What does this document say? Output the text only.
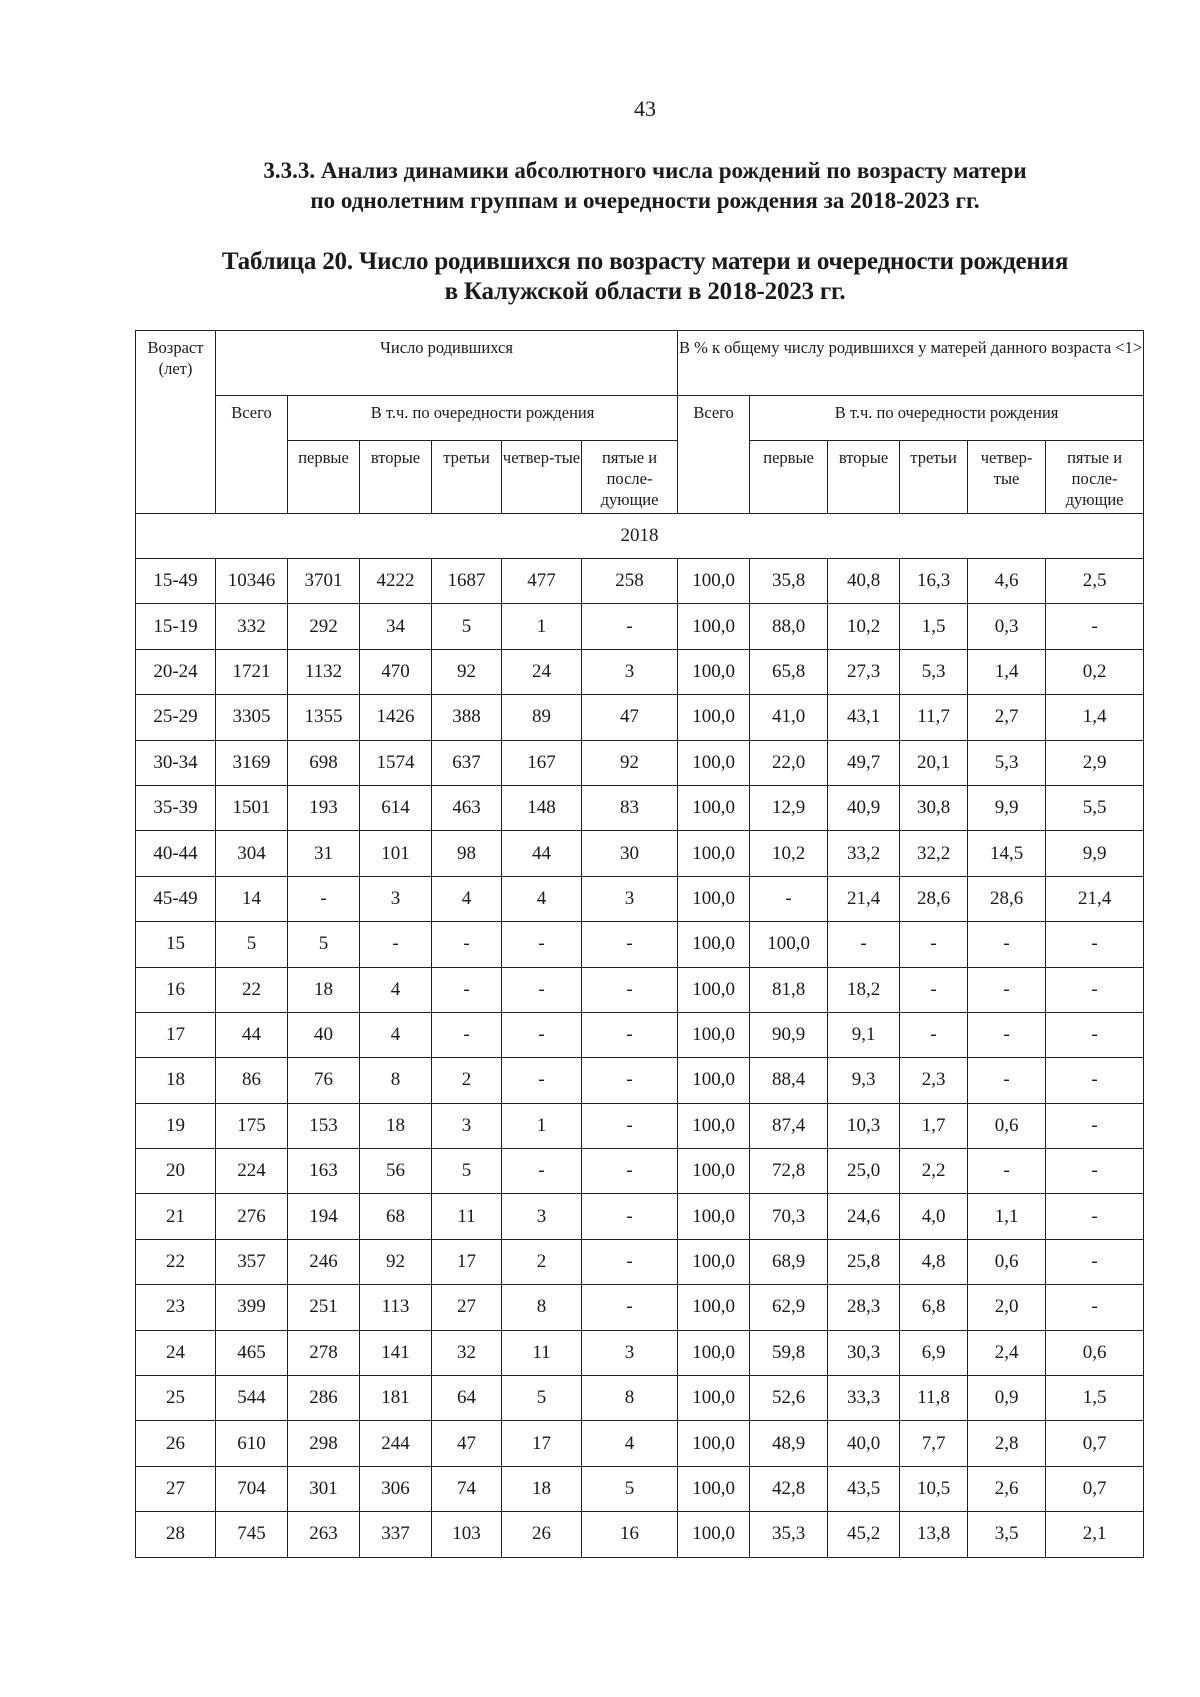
43
3.3.3. Анализ динамики абсолютного числа рождений по возрасту матери
по однолетним группам и очередности рождения за 2018-2023 гг.
Таблица 20. Число родившихся по возрасту матери и очередности рождения
в Калужской области в 2018-2023 гг.
Возраст (лет)	Число родившихся						В % к общему числу родившихся у матерей данного возраста <1>					
	Всего	В т.ч. по очередности рождения					Всего	В т.ч. по очередности рождения				
		первые	вторые	третьи	четвер-тые	пятые и после-дующие		первые	вторые	третьи	четвер-тые	пятые и после-дующие
2018												
15-49	10346	3701	4222	1687	477	258	100,0	35,8	40,8	16,3	4,6	2,5
15-19	332	292	34	5	1	-	100,0	88,0	10,2	1,5	0,3	-
20-24	1721	1132	470	92	24	3	100,0	65,8	27,3	5,3	1,4	0,2
25-29	3305	1355	1426	388	89	47	100,0	41,0	43,1	11,7	2,7	1,4
30-34	3169	698	1574	637	167	92	100,0	22,0	49,7	20,1	5,3	2,9
35-39	1501	193	614	463	148	83	100,0	12,9	40,9	30,8	9,9	5,5
40-44	304	31	101	98	44	30	100,0	10,2	33,2	32,2	14,5	9,9
45-49	14	-	3	4	4	3	100,0	-	21,4	28,6	28,6	21,4
15	5	5	-	-	-	-	100,0	100,0	-	-	-	-
16	22	18	4	-	-	-	100,0	81,8	18,2	-	-	-
17	44	40	4	-	-	-	100,0	90,9	9,1	-	-	-
18	86	76	8	2	-	-	100,0	88,4	9,3	2,3	-	-
19	175	153	18	3	1	-	100,0	87,4	10,3	1,7	0,6	-
20	224	163	56	5	-	-	100,0	72,8	25,0	2,2	-	-
21	276	194	68	11	3	-	100,0	70,3	24,6	4,0	1,1	-
22	357	246	92	17	2	-	100,0	68,9	25,8	4,8	0,6	-
23	399	251	113	27	8	-	100,0	62,9	28,3	6,8	2,0	-
24	465	278	141	32	11	3	100,0	59,8	30,3	6,9	2,4	0,6
25	544	286	181	64	5	8	100,0	52,6	33,3	11,8	0,9	1,5
26	610	298	244	47	17	4	100,0	48,9	40,0	7,7	2,8	0,7
27	704	301	306	74	18	5	100,0	42,8	43,5	10,5	2,6	0,7
28	745	263	337	103	26	16	100,0	35,3	45,2	13,8	3,5	2,1
